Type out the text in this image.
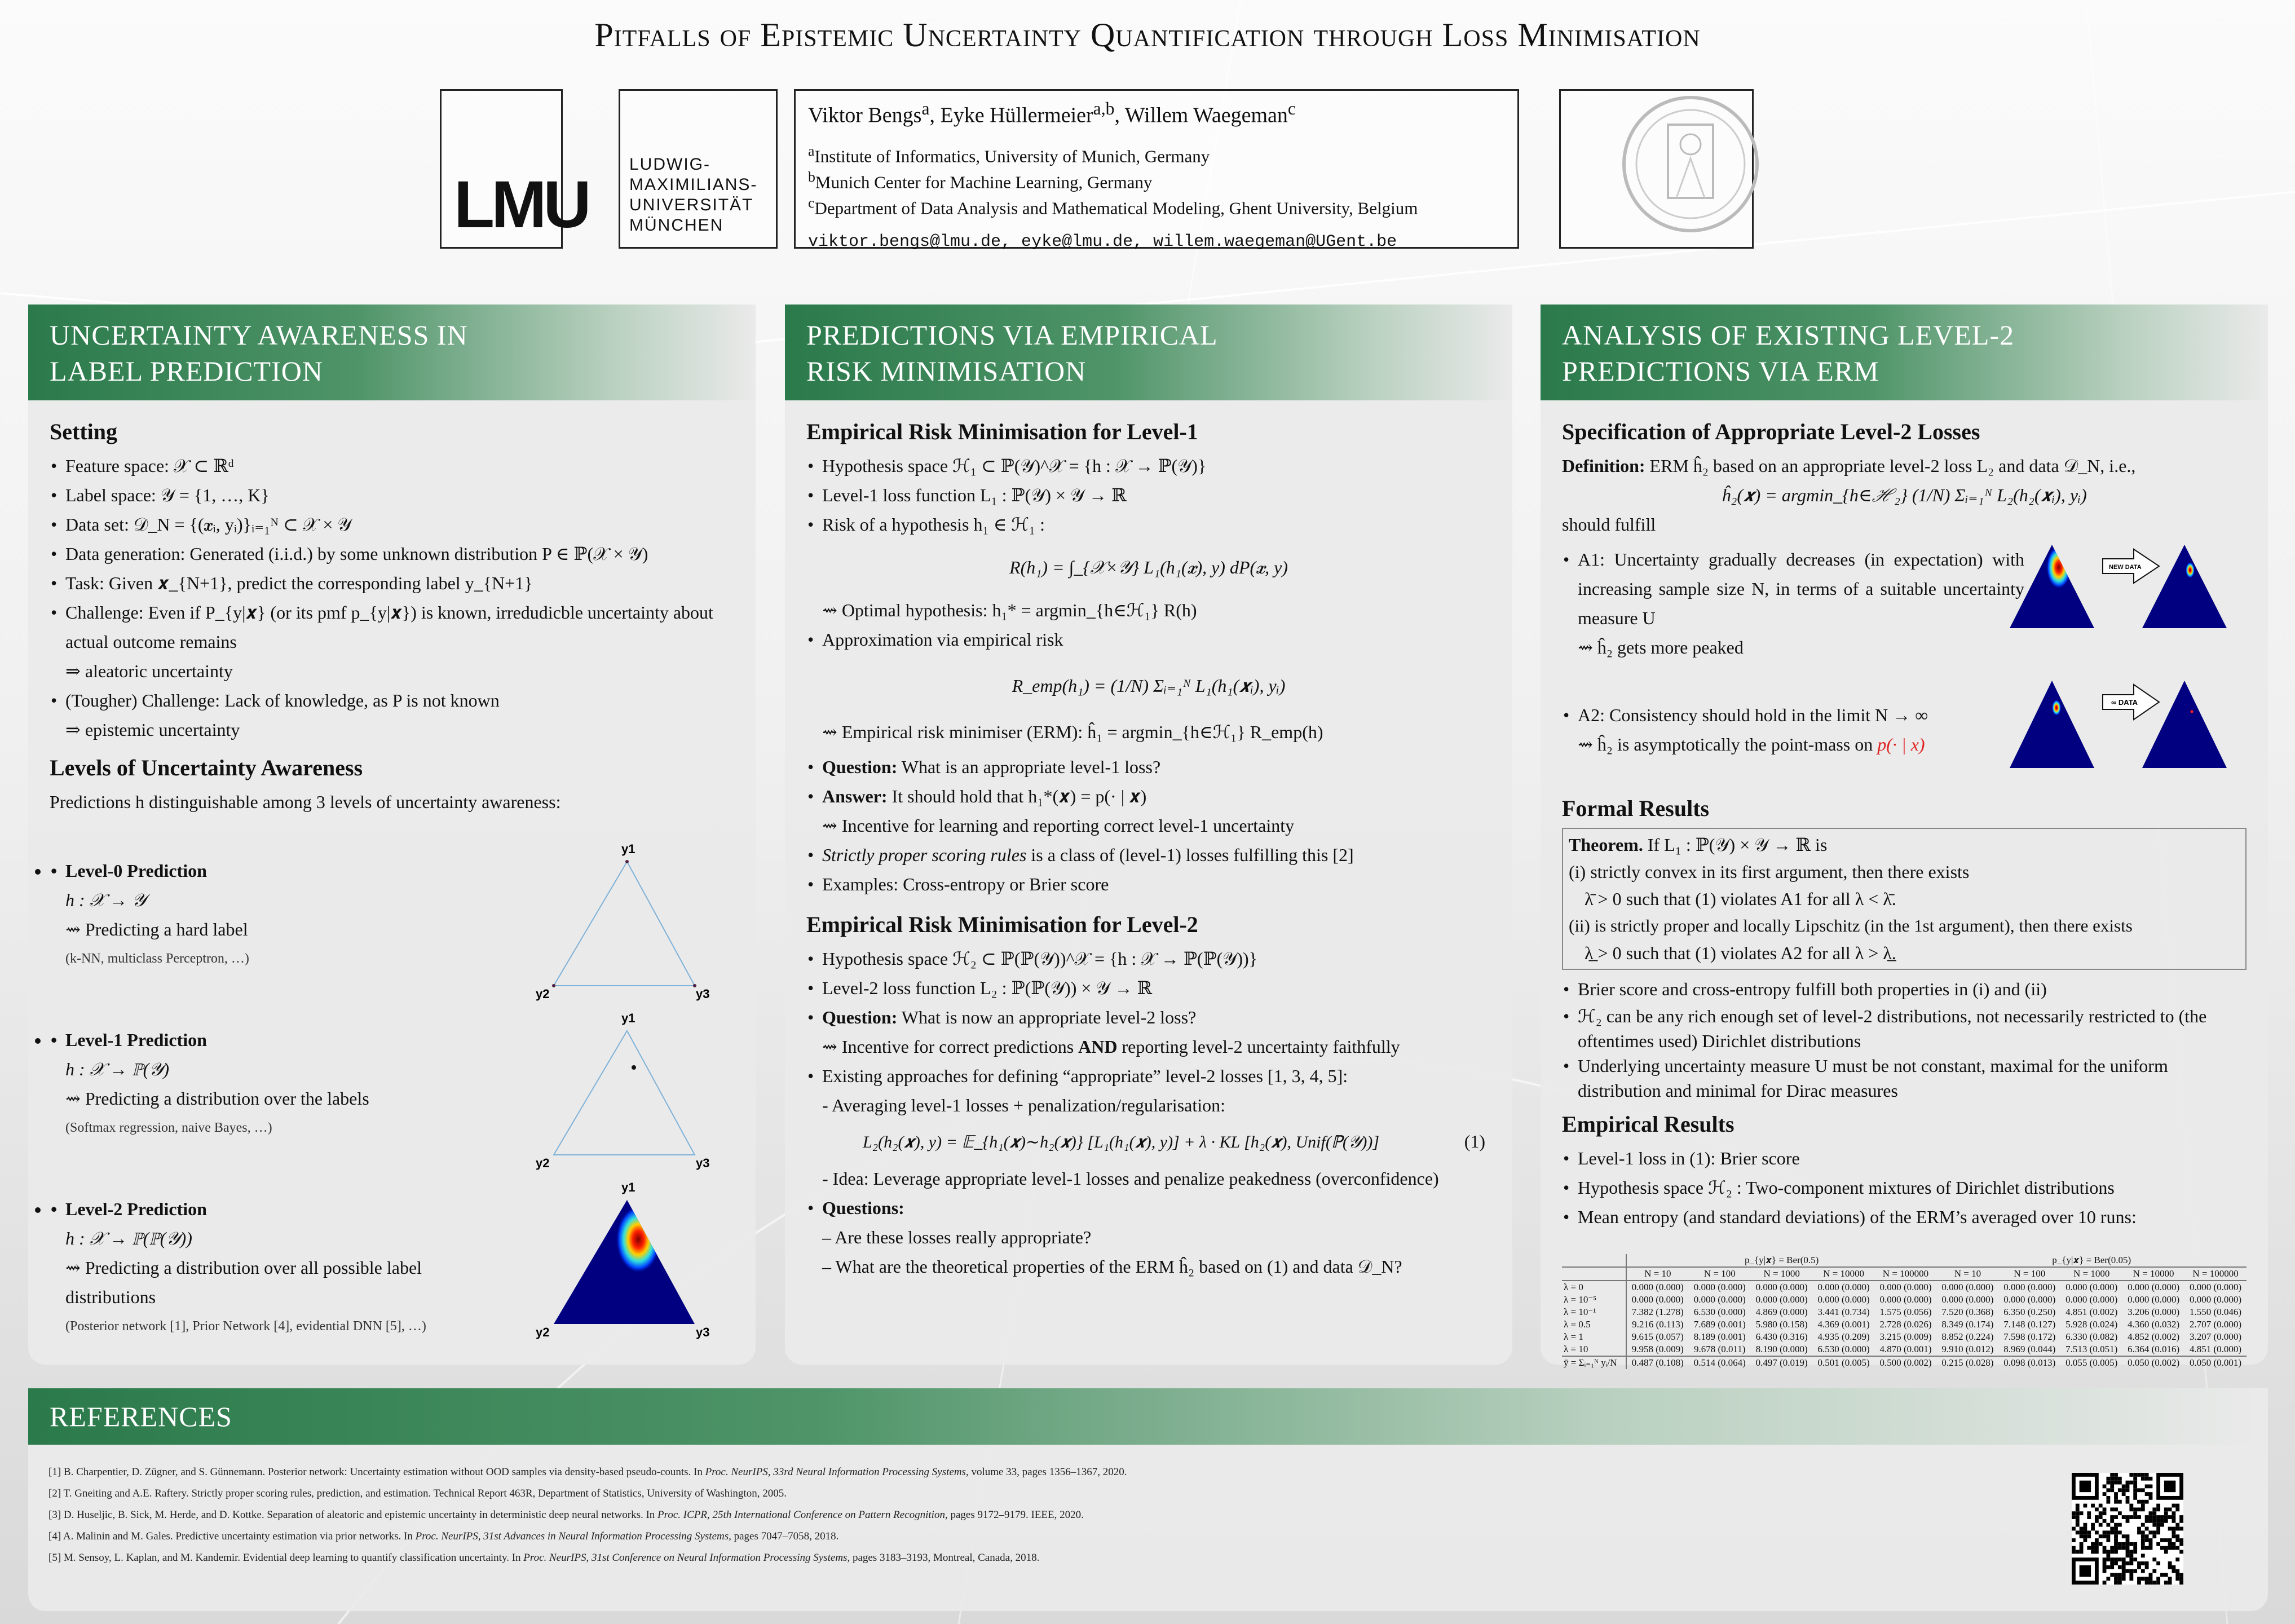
Pitfalls of Epistemic Uncertainty Quantification through Loss Minimisation
LMU
LUDWIG-
MAXIMILIANS-
UNIVERSITÄT
MÜNCHEN
Viktor Bengs$^a$, Eyke Hüllermeier$^{a,b}$, Willem Waegeman$^c$
$^a$Institute of Informatics, University of Munich, Germany
$^b$Munich Center for Machine Learning, Germany
$^c$Department of Data Analysis and Mathematical Modeling, Ghent University, Belgium
viktor.bengs@lmu.de, eyke@lmu.de, willem.waegeman@UGent.be
UNCERTAINTY AWARENESS IN
LABEL PREDICTION
Setting
• Feature space: 𝒳 ⊂ ℝᵈ
• Label space: 𝒴 = {1, …, K}
• Data set: 𝒟_N = {(𝒙ᵢ, yᵢ)}ᵢ₌₁ᴺ ⊂ 𝒳 × 𝒴
• Data generation: Generated (i.i.d.) by some unknown distribution P ∈ ℙ(𝒳 × 𝒴)
• Task: Given 𝒙_{N+1}, predict the corresponding label y_{N+1}
• Challenge: Even if P_{y|𝒙} (or its pmf p_{y|𝒙}) is known, irredudicble uncertainty about actual outcome remains
⇒ aleatoric uncertainty
• (Tougher) Challenge: Lack of knowledge, as P is not known
⇒ epistemic uncertainty
Levels of Uncertainty Awareness
Predictions h distinguishable among 3 levels of uncertainty awareness:
• • Level-0 Prediction
h : 𝒳 → 𝒴
⇝ Predicting a hard label
(k-NN, multiclass Perceptron, …)
y1
y2	y3
• • Level-1 Prediction
h : 𝒳 → ℙ(𝒴)
⇝ Predicting a distribution over the labels
(Softmax regression, naive Bayes, …)
y1
y2	y3
• • Level-2 Prediction
h : 𝒳 → ℙ(ℙ(𝒴))
⇝ Predicting a distribution over all possible label distributions
(Posterior network [1], Prior Network [4], evidential DNN [5], …)
y1
y2	y3
PREDICTIONS VIA EMPIRICAL
RISK MINIMISATION
Empirical Risk Minimisation for Level-1
• Hypothesis space ℋ₁ ⊂ ℙ(𝒴)^𝒳 = {h : 𝒳 → ℙ(𝒴)}
• Level-1 loss function L₁ : ℙ(𝒴) × 𝒴 → ℝ
• Risk of a hypothesis h₁ ∈ ℋ₁ :
R(h₁) = ∫_{𝒳×𝒴} L₁(h₁(𝒙), y) dP(𝒙, y)
⇝ Optimal hypothesis: h₁* = argmin_{h∈ℋ₁} R(h)
• Approximation via empirical risk
R_emp(h₁) = (1/N) Σᵢ₌₁ᴺ L₁(h₁(𝒙ᵢ), yᵢ)
⇝ Empirical risk minimiser (ERM): ĥ₁ = argmin_{h∈ℋ₁} R_emp(h)
• Question: What is an appropriate level-1 loss?
• Answer: It should hold that h₁*(𝒙) = p(· | 𝒙)
⇝ Incentive for learning and reporting correct level-1 uncertainty
• Strictly proper scoring rules is a class of (level-1) losses fulfilling this [2]
• Examples: Cross-entropy or Brier score
Empirical Risk Minimisation for Level-2
• Hypothesis space ℋ₂ ⊂ ℙ(ℙ(𝒴))^𝒳 = {h : 𝒳 → ℙ(ℙ(𝒴))}
• Level-2 loss function L₂ : ℙ(ℙ(𝒴)) × 𝒴 → ℝ
• Question: What is now an appropriate level-2 loss?
⇝ Incentive for correct predictions AND reporting level-2 uncertainty faithfully
• Existing approaches for defining “appropriate” level-2 losses [1, 3, 4, 5]:
- Averaging level-1 losses + penalization/regularisation:
L₂(h₂(𝒙), y) = 𝔼_{h₁(𝒙)∼h₂(𝒙)} [L₁(h₁(𝒙), y)] + λ · KL [h₂(𝒙), Unif(ℙ(𝒴))]	(1)
- Idea: Leverage appropriate level-1 losses and penalize peakedness (overconfidence)
• Questions:
– Are these losses really appropriate?
– What are the theoretical properties of the ERM ĥ₂ based on (1) and data 𝒟_N?
ANALYSIS OF EXISTING LEVEL-2
PREDICTIONS VIA ERM
Specification of Appropriate Level-2 Losses
Definition: ERM ĥ₂ based on an appropriate level-2 loss L₂ and data 𝒟_N, i.e.,
ĥ₂(𝒙) = argmin_{h∈ℋ₂} (1/N) Σᵢ₌₁ᴺ L₂(h₂(𝒙ᵢ), yᵢ)
should fulfill
• A1: Uncertainty gradually decreases (in expectation) with increasing sample size N, in terms of a suitable uncertainty measure U
⇝ ĥ₂ gets more peaked
NEW DATA
• A2: Consistency should hold in the limit N → ∞
⇝ ĥ₂ is asymptotically the point-mass on p(· | x)
∞ DATA
Formal Results
Theorem. If L₁ : ℙ(𝒴) × 𝒴 → ℝ is
(i) strictly convex in its first argument, then there exists
λ̄ > 0 such that (1) violates A1 for all λ < λ̄.
(ii) is strictly proper and locally Lipschitz (in the 1st argument), then there exists
λ̲ > 0 such that (1) violates A2 for all λ > λ̲.
• Brier score and cross-entropy fulfill both properties in (i) and (ii)
• ℋ₂ can be any rich enough set of level-2 distributions, not necessarily restricted to (the oftentimes used) Dirichlet distributions
• Underlying uncertainty measure U must be not constant, maximal for the uniform distribution and minimal for Dirac measures
Empirical Results
• Level-1 loss in (1): Brier score
• Hypothesis space ℋ₂ : Two-component mixtures of Dirichlet distributions
• Mean entropy (and standard deviations) of the ERM’s averaged over 10 runs:
	p_{y|𝒙} = Ber(0.5)	p_{y|𝒙} = Ber(0.05)
	N = 10	N = 100	N = 1000	N = 10000	N = 100000	N = 10	N = 100	N = 1000	N = 10000	N = 100000
λ = 0	0.000 (0.000)	0.000 (0.000)	0.000 (0.000)	0.000 (0.000)	0.000 (0.000)	0.000 (0.000)	0.000 (0.000)	0.000 (0.000)	0.000 (0.000)	0.000 (0.000)
λ = 10⁻⁵	0.000 (0.000)	0.000 (0.000)	0.000 (0.000)	0.000 (0.000)	0.000 (0.000)	0.000 (0.000)	0.000 (0.000)	0.000 (0.000)	0.000 (0.000)	0.000 (0.000)
λ = 10⁻¹	7.382 (1.278)	6.530 (0.000)	4.869 (0.000)	3.441 (0.734)	1.575 (0.056)	7.520 (0.368)	6.350 (0.250)	4.851 (0.002)	3.206 (0.000)	1.550 (0.046)
λ = 0.5	9.216 (0.113)	7.689 (0.001)	5.980 (0.158)	4.369 (0.001)	2.728 (0.026)	8.349 (0.174)	7.148 (0.127)	5.928 (0.024)	4.360 (0.032)	2.707 (0.000)
λ = 1	9.615 (0.057)	8.189 (0.001)	6.430 (0.316)	4.935 (0.209)	3.215 (0.009)	8.852 (0.224)	7.598 (0.172)	6.330 (0.082)	4.852 (0.002)	3.207 (0.000)
λ = 10	9.958 (0.009)	9.678 (0.011)	8.190 (0.000)	6.530 (0.000)	4.870 (0.001)	9.910 (0.012)	8.969 (0.044)	7.513 (0.051)	6.364 (0.016)	4.851 (0.000)
ȳ = Σᵢ₌₁ᴺ yᵢ/N	0.487 (0.108)	0.514 (0.064)	0.497 (0.019)	0.501 (0.005)	0.500 (0.002)	0.215 (0.028)	0.098 (0.013)	0.055 (0.005)	0.050 (0.002)	0.050 (0.001)
REFERENCES
[1] B. Charpentier, D. Zügner, and S. Günnemann. Posterior network: Uncertainty estimation without OOD samples via density-based pseudo-counts. In Proc. NeurIPS, 33rd Neural Information Processing Systems, volume 33, pages 1356–1367, 2020.
[2] T. Gneiting and A.E. Raftery. Strictly proper scoring rules, prediction, and estimation. Technical Report 463R, Department of Statistics, University of Washington, 2005.
[3] D. Huseljic, B. Sick, M. Herde, and D. Kottke. Separation of aleatoric and epistemic uncertainty in deterministic deep neural networks. In Proc. ICPR, 25th International Conference on Pattern Recognition, pages 9172–9179. IEEE, 2020.
[4] A. Malinin and M. Gales. Predictive uncertainty estimation via prior networks. In Proc. NeurIPS, 31st Advances in Neural Information Processing Systems, pages 7047–7058, 2018.
[5] M. Sensoy, L. Kaplan, and M. Kandemir. Evidential deep learning to quantify classification uncertainty. In Proc. NeurIPS, 31st Conference on Neural Information Processing Systems, pages 3183–3193, Montreal, Canada, 2018.
